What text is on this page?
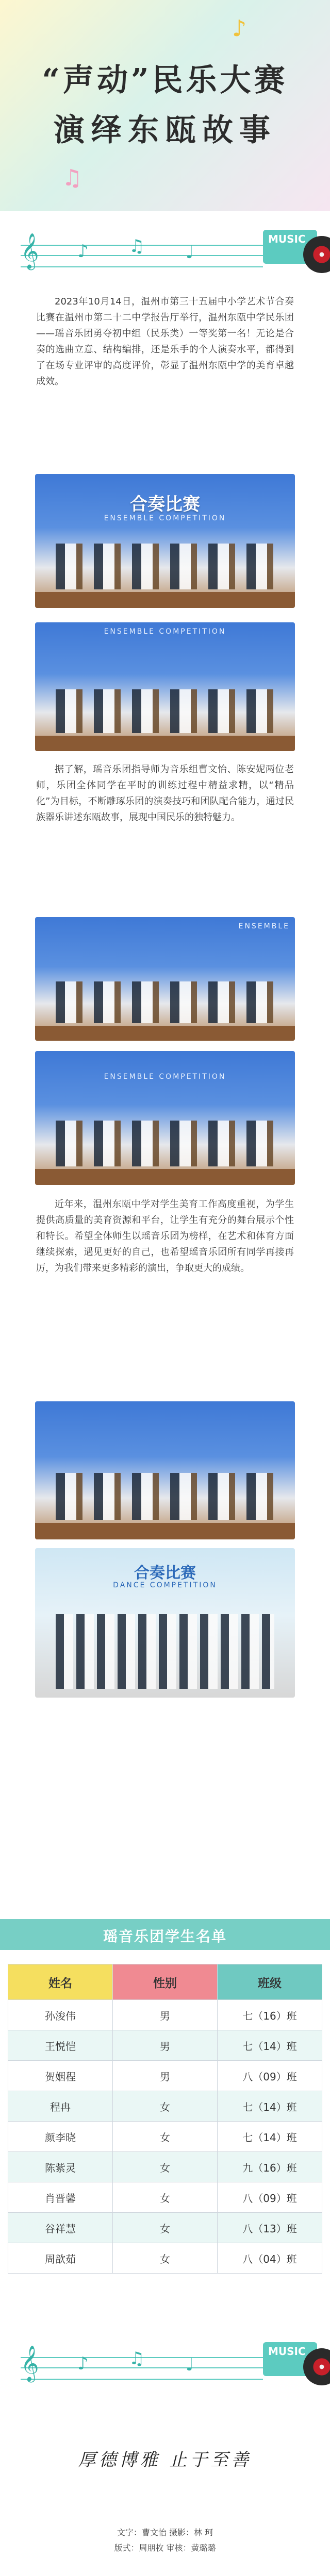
♪
♫
“声动”民乐大赛
演绎东瓯故事
𝄞 ♪ ♫ ♩
MUSIC

2023年10月14日，温州市第三十五届中小学艺术节合奏比赛在温州市第二十二中学报告厅举行，温州东瓯中学民乐团——瑶音乐团勇夺初中组（民乐类）一等奖第一名！无论是合奏的选曲立意、结构编排，还是乐手的个人演奏水平，都得到了在场专业评审的高度评价，彰显了温州东瓯中学的美育卓越成效。

合奏比赛
ENSEMBLE COMPETITION
ENSEMBLE COMPETITION

据了解，瑶音乐团指导师为音乐组曹文怡、陈安妮两位老师，乐团全体同学在平时的训练过程中精益求精，以“精品化”为目标，不断雕琢乐团的演奏技巧和团队配合能力，通过民族器乐讲述东瓯故事，展现中国民乐的独特魅力。

ENSEMBLE
ENSEMBLE COMPETITION

近年来，温州东瓯中学对学生美育工作高度重视，为学生提供高质量的美育资源和平台，让学生有充分的舞台展示个性和特长。希望全体师生以瑶音乐团为榜样，在艺术和体育方面继续探索，遇见更好的自己，也希望瑶音乐团所有同学再接再厉，为我们带来更多精彩的演出，争取更大的成绩。

合奏比赛
DANCE COMPETITION
瑶音乐团学生名单
姓名	性别	班级
孙浚伟	男	七（16）班
王悦恺	男	七（14）班
贺姻程	男	八（09）班
程冉	女	七（14）班
颜李晓	女	七（14）班
陈紫灵	女	九（16）班
肖晋馨	女	八（09）班
谷祥慧	女	八（13）班
周歆茹	女	八（04）班
𝄞 ♪ ♫ ♩
MUSIC
厚德博雅 止于至善
文字：曹文怡 摄影：林 珂
版式：周朋枚 审核：黄璐璐
